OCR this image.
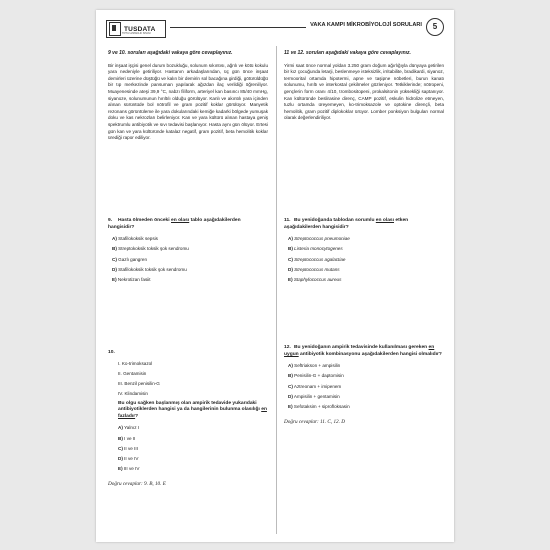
TUSDATA
TIPTA UZMANLIK SINAVI
VAKA KAMPI MİKROBİYOLOJİ SORULARI	5

9 ve 10. soruları aşağıdaki vakaya göre cevaplayınız.

Bir inşaat işçisi genel durum bozukluğu, solunum sıkıntısı, ağrılı ve kötü kokulu yara nedeniyle getiriliyor. Hastanın arkadaşlarından, üç gün önce inşaat demirleri üzerine düştüğü ve kalın bir demirin sol bacağına girdiği, götürüldüğü bir tıp merkezinde pansuman yapılarak ağızdan ilaç verildiği öğreniliyor. Muayenesinde ateşi 39,9 °C, nabzı filiform, arteriyel kan basıncı 85/40 mmHg, siyanoze, solunumunun hırıltılı olduğu görülüyor. Kanlı ve akıntılı yara içinden alınan sürüntüde bol nötrofil ve gram pozitif koklar görülüyor. Manyetik rezonans görüntüleme ile yara dokularındaki kemiğe kadarki bölgede yumuşak doku ve kas nekrozları belirleniyor. Kan ve yara kültürü alınan hastaya geniş spektrumlu antibiyotik ve sıvı tedavisi başlanıyor. Hasta aynı gün ölüyor. Ertesi gün kan ve yara kültüründe katalaz negatif, gram pozitif, beta hemolitik koklar ürediği rapor ediliyor.

9. Hasta ölmeden önceki en olası tablo aşağıdakilerden hangisidir?
A) Stafilokoksik sepsis
B) Streptokoksik toksik şok sendromu
C) Gazlı gangren
D) Stafilokoksik toksik şok sendromu
E) Nekrotizan fasiit
10.
I. Ko-trimoksazol
II. Gentamisin
III. Benzil penisilin-G
IV. Klindamisin
Bu olgu sağken başlanmış olan ampirik tedavide yukarıdaki antibiyotiklerden hangisi ya da hangilerinin bulunma olasılığı en fazladır?
A) Yalnız I
B) I ve II
C) II ve III
D) II ve IV
E) III ve IV
Doğru cevaplar: 9. B, 10. E

11 ve 12. soruları aşağıdaki vakaya göre cevaplayınız.

Yirmi saat önce normal yoldan 3.250 gram doğum ağırlığıyla dünyaya getirilen bir kız çocuğunda letarji, beslenmeye isteksizlik, irritabilite, bradikardi, siyanoz, termoorital ortamda hipotermi, apne ve taşipne nöbetleri, burun kanatı solunumu, hırıltı ve interkostal çekilmeler gözleniyor. Tetkiklerinde; nötropeni, gençlerin form oranı 4/10, trombositopeni, prokalsitonin yüksekliği saptanıyor. Kan kültüründe beslirasine direnç, CAMP pozitif, eskulin hidrolize etmeyen, tuzlu ortamda üreyemeyen, ko-trimoksazole ve optokine dirençli, beta hemolitik, gram pozitif diplokoklar ürüyor. Lomber ponksiyon bulguları normal olarak değerlendiriliyor.

11. Bu yenidoğanda tablodan sorumlu en olası etken aşağıdakilerden hangisidir?
A) Streptococcus pneumoniae
B) Listeria monocytogenes
C) Streptococcus agalactiae
D) Streptococcus mutans
E) Staphylococcus aureus
12. Bu yenidoğanın ampirik tedavisinde kullanılması gereken en uygun antibiyotik kombinasyonu aşağıdakilerden hangisi olmalıdır?
A) Seftriakson + ampisilin
B) Penisilin-G + daptomisin
C) Aztreonam + imipenem
D) Ampisilin + gentamisin
E) Sefotaksim + siprofloksasin
Doğru cevaplar: 11. C, 12. D
